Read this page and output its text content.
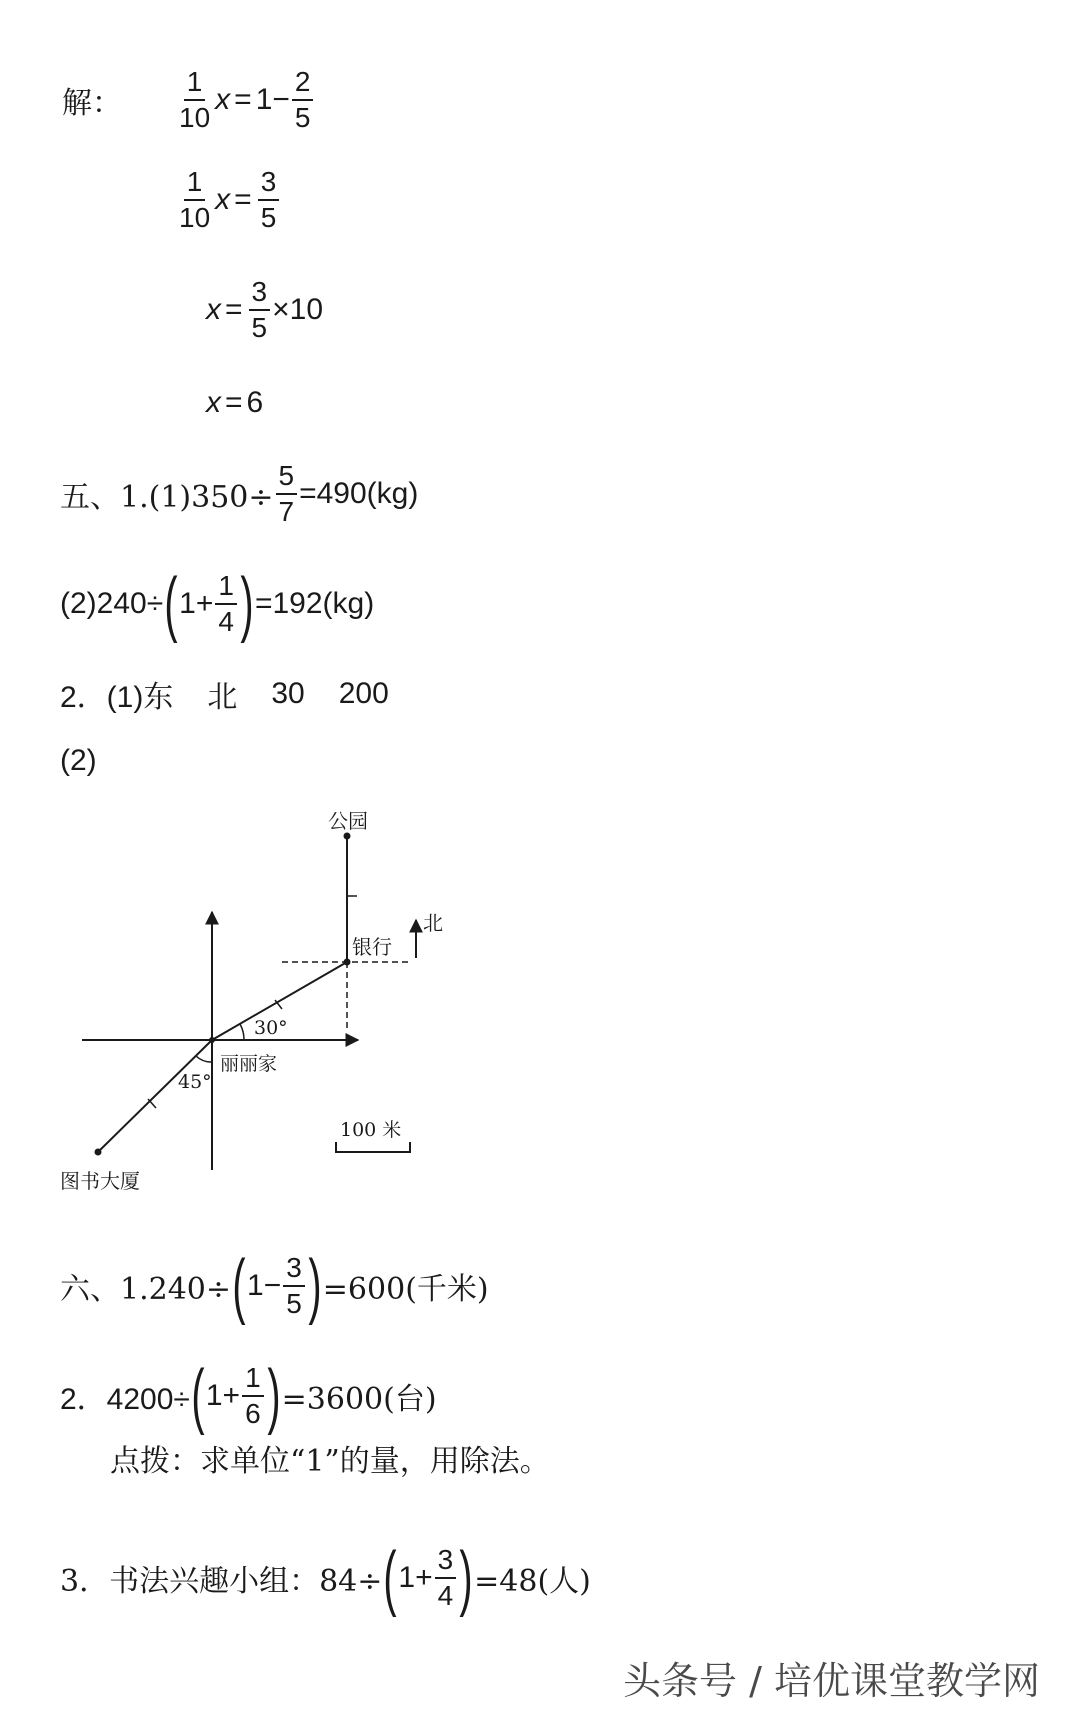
解：	$\frac{1}{10}$ $x = 1- \frac{2}{5}$
$\frac{1}{10}$ $x = \frac{3}{5}$
$x = \frac{3}{5} \times 10$
x = 6
五、$1.(1)350\div \frac{5}{7} =490(kg)$
(2)240÷ ( $1+ \frac{1}{4}$ ) =192(kg)
2．(1) 东 北 30 200
(2)
公园
银行
北
30°
丽丽家
45°
100 米
图书大厦
六、1.240÷ ( $1- \frac{3}{5}$ ) =600(千米)
2．4200÷ ( $1+ \frac{1}{6}$ ) =3600(台)
点拨：求单位“1”的量，用除法。
3．书法兴趣小组：84÷ ( $1+ \frac{3}{4}$ ) =48(人)
头条号 / 培优课堂教学网
